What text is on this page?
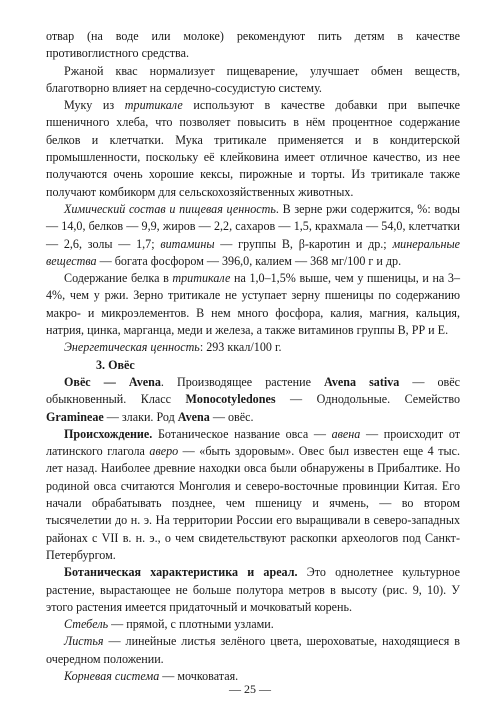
отвар (на воде или молоке) рекомендуют пить детям в качестве противоглистного средства.

Ржаной квас нормализует пищеварение, улучшает обмен веществ, благотворно влияет на сердечно-сосудистую систему.

Муку из тритикале используют в качестве добавки при выпечке пшеничного хлеба, что позволяет повысить в нём процентное содержание белков и клетчатки. Мука тритикале применяется и в кондитерской промышленности, поскольку её клейковина имеет отличное качество, из нее получаются очень хорошие кексы, пирожные и торты. Из тритикале также получают комбикорм для сельскохозяйственных животных.

Химический состав и пищевая ценность. В зерне ржи содержится, %: воды — 14,0, белков — 9,9, жиров — 2,2, сахаров — 1,5, крахмала — 54,0, клетчатки — 2,6, золы — 1,7; витамины — группы В, β-каротин и др.; минеральные вещества — богата фосфором — 396,0, калием — 368 мг/100 г и др.

Содержание белка в тритикале на 1,0–1,5% выше, чем у пшеницы, и на 3–4%, чем у ржи. Зерно тритикале не уступает зерну пшеницы по содержанию макро- и микроэлементов. В нем много фосфора, калия, магния, кальция, натрия, цинка, марганца, меди и железа, а также витаминов группы В, РР и Е.

Энергетическая ценность: 293 ккал/100 г.

3. Овёс

Овёс — Avena. Производящее растение Avena sativa — овёс обыкновенный. Класс Monocotyledones — Однодольные. Семейство Gramineae — злаки. Род Avena — овёс.

Происхождение. Ботаническое название овса — авена — происходит от латинского глагола аверо — «быть здоровым». Овес был известен еще 4 тыс. лет назад. Наиболее древние находки овса были обнаружены в Прибалтике. Но родиной овса считаются Монголия и северо-восточные провинции Китая. Его начали обрабатывать позднее, чем пшеницу и ячмень, — во втором тысячелетии до н. э. На территории России его выращивали в северо-западных районах с VII в. н. э., о чем свидетельствуют раскопки археологов под Санкт-Петербургом.

Ботаническая характеристика и ареал. Это однолетнее культурное растение, вырастающее не больше полутора метров в высоту (рис. 9, 10). У этого растения имеется придаточный и мочковатый корень.

Стебель — прямой, с плотными узлами.

Листья — линейные листья зелёного цвета, шероховатые, находящиеся в очередном положении.

Корневая система — мочковатая.

— 25 —
